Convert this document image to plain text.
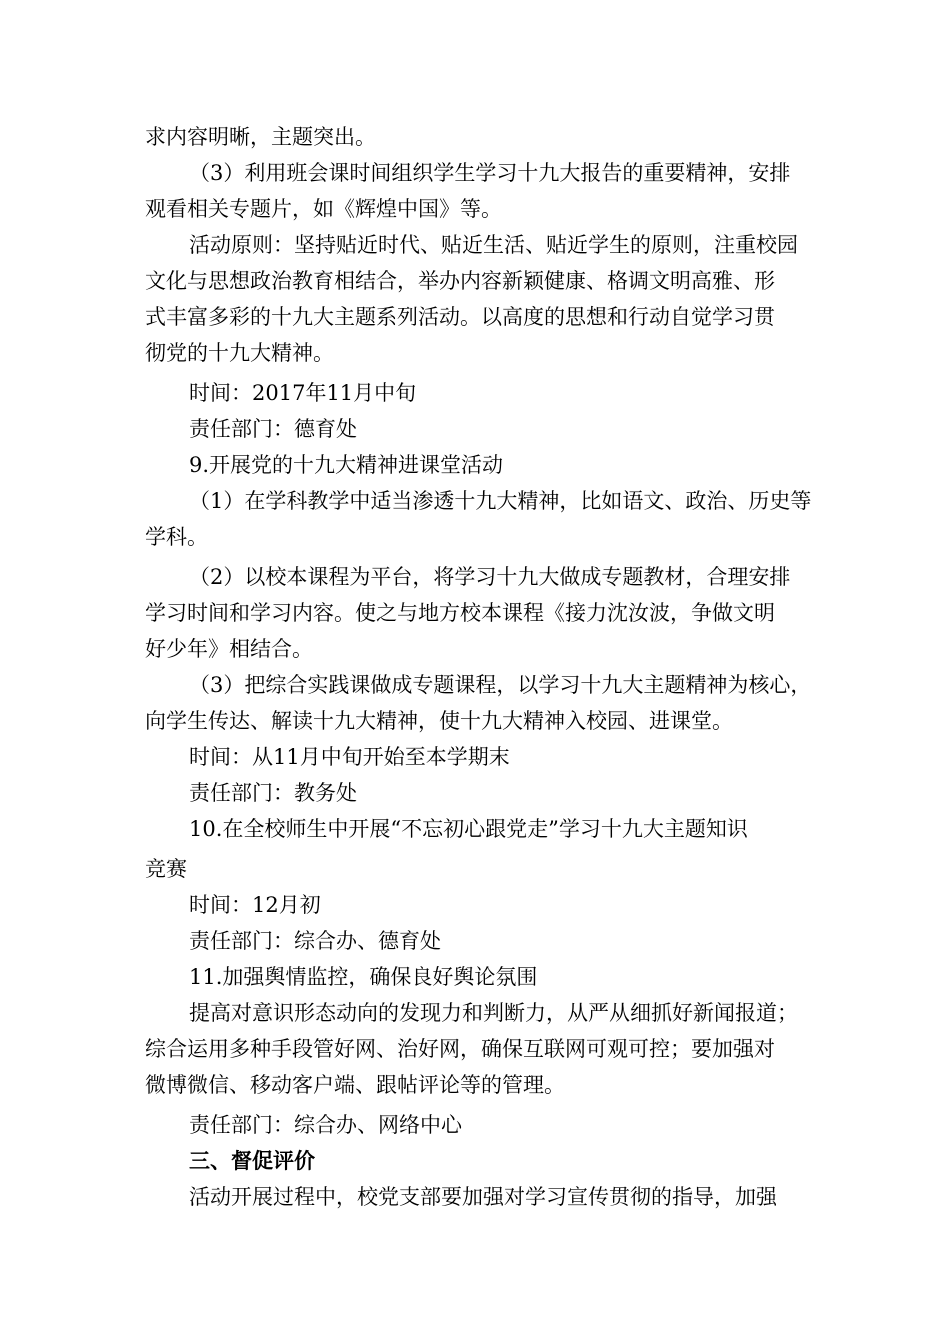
求内容明晰，主题突出。
（3）利用班会课时间组织学生学习十九大报告的重要精神，安排
观看相关专题片，如《辉煌中国》等。
活动原则：坚持贴近时代、贴近生活、贴近学生的原则，注重校园
文化与思想政治教育相结合，举办内容新颖健康、格调文明高雅、形
式丰富多彩的十九大主题系列活动。以高度的思想和行动自觉学习贯
彻党的十九大精神。
时间：2017年11月中旬
责任部门：德育处
9.开展党的十九大精神进课堂活动
（1）在学科教学中适当渗透十九大精神，比如语文、政治、历史等
学科。
（2）以校本课程为平台，将学习十九大做成专题教材，合理安排
学习时间和学习内容。使之与地方校本课程《接力沈汝波，争做文明
好少年》相结合。
（3）把综合实践课做成专题课程，以学习十九大主题精神为核心，
向学生传达、解读十九大精神，使十九大精神入校园、进课堂。
时间：从11月中旬开始至本学期末
责任部门：教务处
10.在全校师生中开展“不忘初心跟党走”学习十九大主题知识
竞赛
时间：12月初
责任部门：综合办、德育处
11.加强舆情监控，确保良好舆论氛围
提高对意识形态动向的发现力和判断力，从严从细抓好新闻报道；
综合运用多种手段管好网、治好网，确保互联网可观可控；要加强对
微博微信、移动客户端、跟帖评论等的管理。
责任部门：综合办、网络中心
三、督促评价
活动开展过程中，校党支部要加强对学习宣传贯彻的指导，加强
